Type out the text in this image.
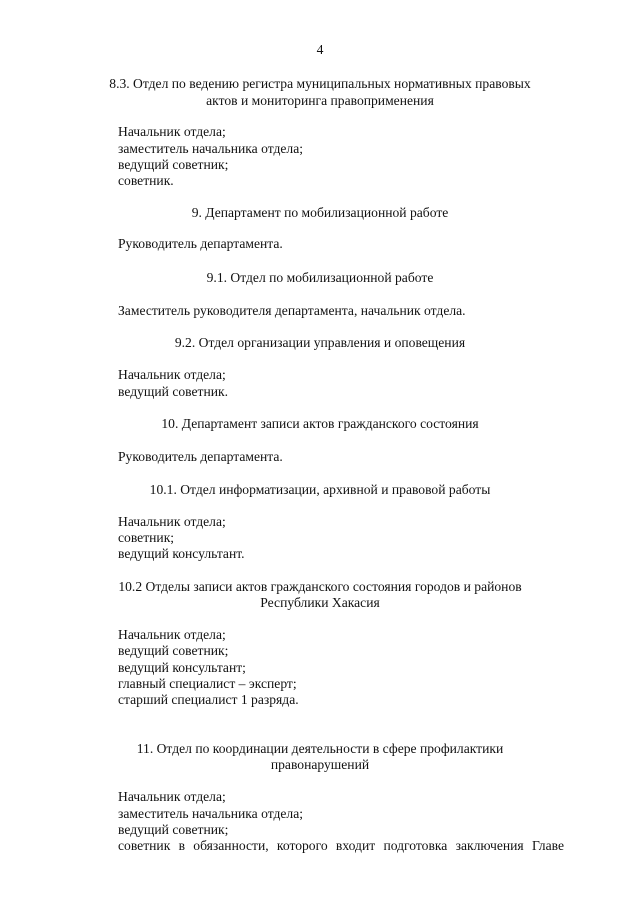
4

8.3. Отдел по ведению регистра муниципальных нормативных правовых

актов и мониторинга правоприменения

Начальник отдела;

заместитель начальника отдела;

ведущий советник;

советник.

9. Департамент по мобилизационной работе

Руководитель департамента.

9.1. Отдел по мобилизационной работе

Заместитель руководителя департамента, начальник отдела.

9.2. Отдел организации управления и оповещения

Начальник отдела;

ведущий советник.

10. Департамент записи актов гражданского состояния

Руководитель департамента.

10.1. Отдел информатизации, архивной и правовой работы

Начальник отдела;

советник;

ведущий консультант.

10.2 Отделы записи актов гражданского состояния городов и районов

Республики Хакасия

Начальник отдела;

ведущий советник;

ведущий консультант;

главный специалист – эксперт;

старший специалист 1 разряда.

11. Отдел по координации деятельности в сфере профилактики

правонарушений

Начальник отдела;

заместитель начальника отдела;

ведущий советник;

советник в обязанности, которого входит подготовка заключения Главе
